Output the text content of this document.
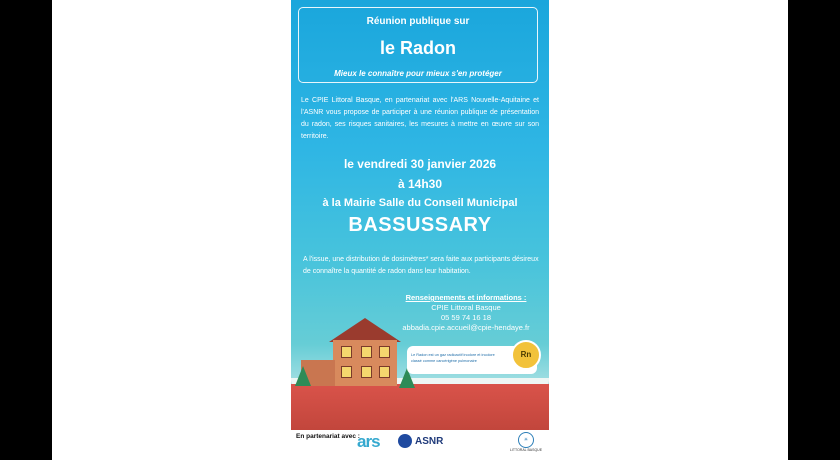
Réunion publique sur
le Radon
Mieux le connaître pour mieux s'en protéger
Le CPIE Littoral Basque, en partenariat avec l'ARS Nouvelle-Aquitaine et l'ASNR vous propose de participer à une réunion publique de présentation du radon, ses risques sanitaires, les mesures à mettre en œuvre sur son territoire.
le vendredi 30 janvier 2026
à 14h30
à la Mairie Salle du Conseil Municipal
BASSUSSARY
A l'issue, une distribution de dosimètres* sera faite aux participants désireux de connaître la quantité de radon dans leur habitation.
Renseignements et informations :
CPIE Littoral Basque
05 59 74 16 18
abbadia.cpie.accueil@cpie-hendaye.fr
Le Radon est un gaz radioactif inodore et incolore classé comme cancérigène pulmonaire
Rn
En partenariat avec :
ars	ASNR	☀
LITTORAL BASQUE
